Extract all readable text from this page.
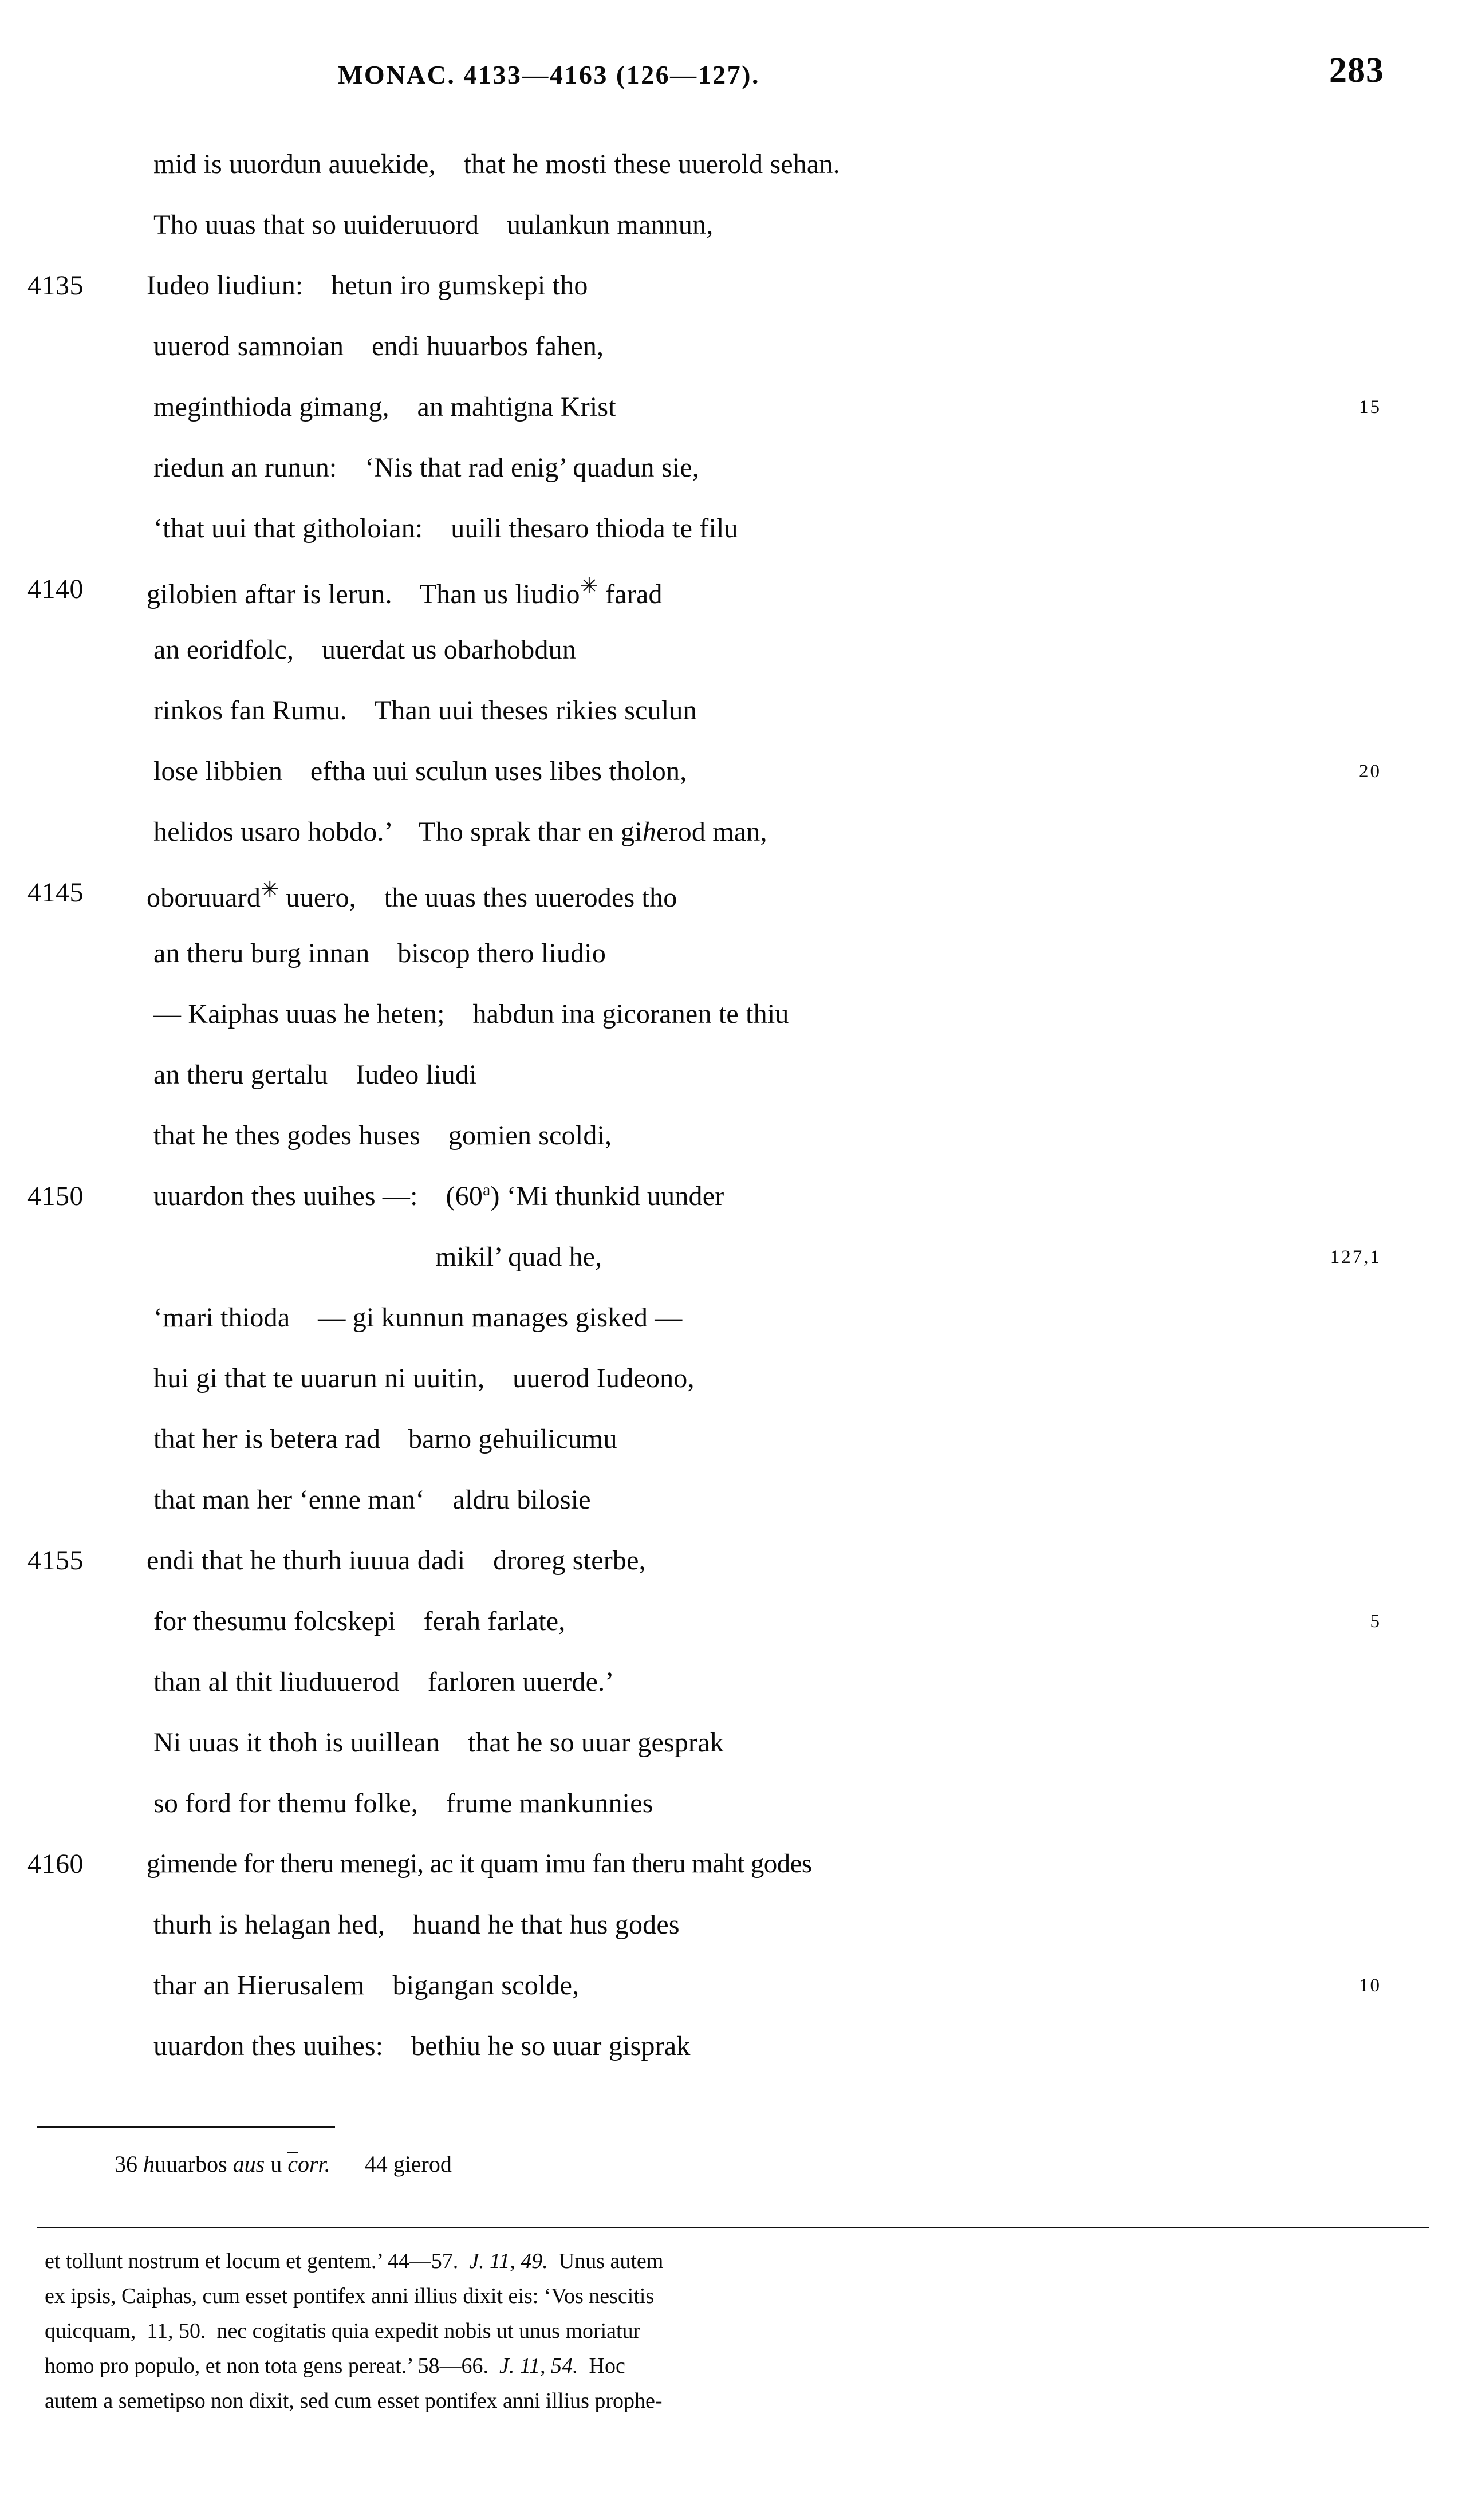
MONAC. 4133—4163 (126—127).	283
mid is uuordun auuekide,    that he mosti these uuerold sehan.
Tho uuas that so uuideruuord    uulankun mannun,
4135	Iudeo liudiun:    hetun iro gumskepi tho
uuerod samnoian    endi huuarbos fahen,
meginthioda gimang,    an mahtigna Krist	15
riedun an runun:    ‘Nis that rad enig’ quadun sie,
‘that uui that githoloian:    uuili thesaro thioda te filu
4140	gilobien aftar is lerun.    Than us liudio✳ farad
an eoridfolc,    uuerdat us obarhobdun
rinkos fan Rumu.    Than uui theses rikies sculun
lose libbien    eftha uui sculun uses libes tholon,	20
helidos usaro hobdo.’    Tho sprak thar en giherod man,
4145	oboruuard✳ uuero,    the uuas thes uuerodes tho
an theru burg innan    biscop thero liudio
— Kaiphas uuas he heten;    habdun ina gicoranen te thiu
an theru gertalu    Iudeo liudi
that he thes godes huses    gomien scoldi,
4150	uuardon thes uuihes —:    (60$^a$) ‘Mi thunkid uunder
mikil’ quad he,	127,1
‘mari thioda    –– gi kunnun manages gisked —
hui gi that te uuarun ni uuitin,    uuerod Iudeono,
that her is betera rad    barno gehuilicumu
that man her ʻenne manʻ    aldru bilosie
4155	endi that he thurh iuuua dadi    droreg sterbe,
for thesumu folcskepi    ferah farlate,	5
than al thit liuduuerod    farloren uuerde.’
Ni uuas it thoh is uuillean    that he so uuar gesprak
so ford for themu folke,    frume mankunnies
4160	gimende for theru menegi, ac it quam imu fan theru maht godes
thurh is helagan hed,    huand he that hus godes
thar an Hierusalem    bigangan scolde,	10
uuardon thes uuihes:    bethiu he so uuar gisprak
36 huuarbos aus u corr.  44 gierod
et tollunt nostrum et locum et gentem.’ 44—57.  J. 11, 49.  Unus autem
ex ipsis, Caiphas, cum esset pontifex anni illius dixit eis: ‘Vos nescitis
quicquam,  11, 50.  nec cogitatis quia expedit nobis ut unus moriatur
homo pro populo, et non tota gens pereat.’ 58—66.  J. 11, 54.  Hoc
autem a semetipso non dixit, sed cum esset pontifex anni illius prophe-
